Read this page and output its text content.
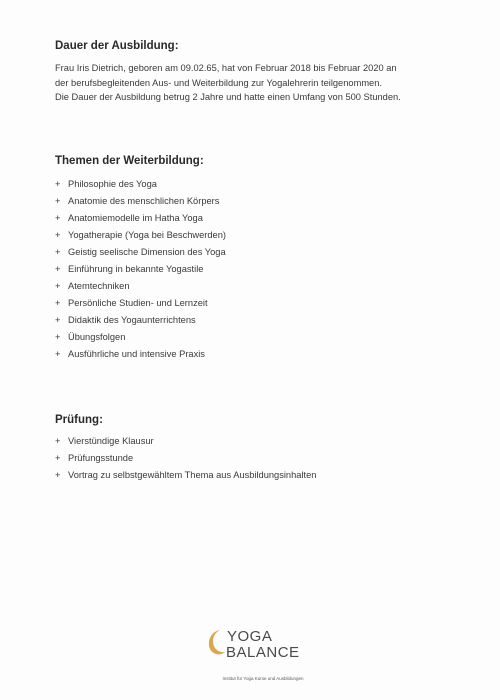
Dauer der Ausbildung:
Frau Iris Dietrich, geboren am 09.02.65, hat von Februar 2018 bis Februar 2020 an
der berufsbegleitenden Aus- und Weiterbildung zur Yogalehrerin teilgenommen.
Die Dauer der Ausbildung betrug 2 Jahre und hatte einen Umfang von 500 Stunden.
Themen der Weiterbildung:
+ Philosophie des Yoga
+ Anatomie des menschlichen Körpers
+ Anatomiemodelle im Hatha Yoga
+ Yogatherapie (Yoga bei Beschwerden)
+ Geistig seelische Dimension des Yoga
+ Einführung in bekannte Yogastile
+ Atemtechniken
+ Persönliche Studien- und Lernzeit
+ Didaktik des Yogaunterrichtens
+ Übungsfolgen
+ Ausführliche und intensive Praxis
Prüfung:
+ Vierstündige Klausur
+ Prüfungsstunde
+ Vortrag zu selbstgewähltem Thema aus Ausbildungsinhalten
YOGA
BALANCE
Institut für Yoga Kurse und Ausbildungen
